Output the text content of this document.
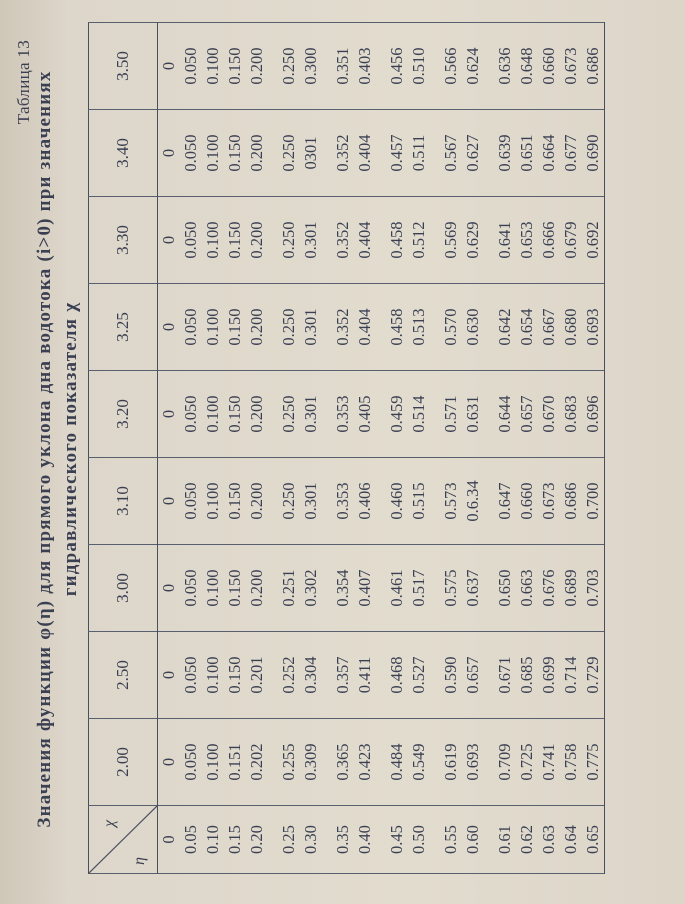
Таблица 13 Значения функции φ(η) для прямого уклона дна водотока (i>0) при значениях гидравлического показателя χ
χ
η	2.00	2.50	3.00	3.10	3.20	3.25	3.30	3.40	3.50
0	0	0	0	0	0	0	0	0	0
0.05	0.050	0.050	0.050	0.050	0.050	0.050	0.050	0.050	0.050
0.10	0.100	0.100	0.100	0.100	0.100	0.100	0.100	0.100	0.100
0.15	0.151	0.150	0.150	0.150	0.150	0.150	0.150	0.150	0.150
0.20	0.202	0.201	0.200	0.200	0.200	0.200	0.200	0.200	0.200

0.25	0.255	0.252	0.251	0.250	0.250	0.250	0.250	0.250	0.250
0.30	0.309	0.304	0.302	0.301	0.301	0.301	0.301	0301	0.300

0.35	0.365	0.357	0.354	0.353	0.353	0.352	0.352	0.352	0.351
0.40	0.423	0.411	0.407	0.406	0.405	0.404	0.404	0.404	0.403

0.45	0.484	0.468	0.461	0.460	0.459	0.458	0.458	0.457	0.456
0.50	0.549	0.527	0.517	0.515	0.514	0.513	0.512	0.511	0.510

0.55	0.619	0.590	0.575	0.573	0.571	0.570	0.569	0.567	0.566
0.60	0.693	0.657	0.637	0.6.34	0.631	0.630	0.629	0.627	0.624

0.61	0.709	0.671	0.650	0.647	0.644	0.642	0.641	0.639	0.636
0.62	0.725	0.685	0.663	0.660	0.657	0.654	0.653	0.651	0.648
0.63	0.741	0.699	0.676	0.673	0.670	0.667	0.666	0.664	0.660
0.64	0.758	0.714	0.689	0.686	0.683	0.680	0.679	0.677	0.673
0.65	0.775	0.729	0.703	0.700	0.696	0.693	0.692	0.690	0.686
